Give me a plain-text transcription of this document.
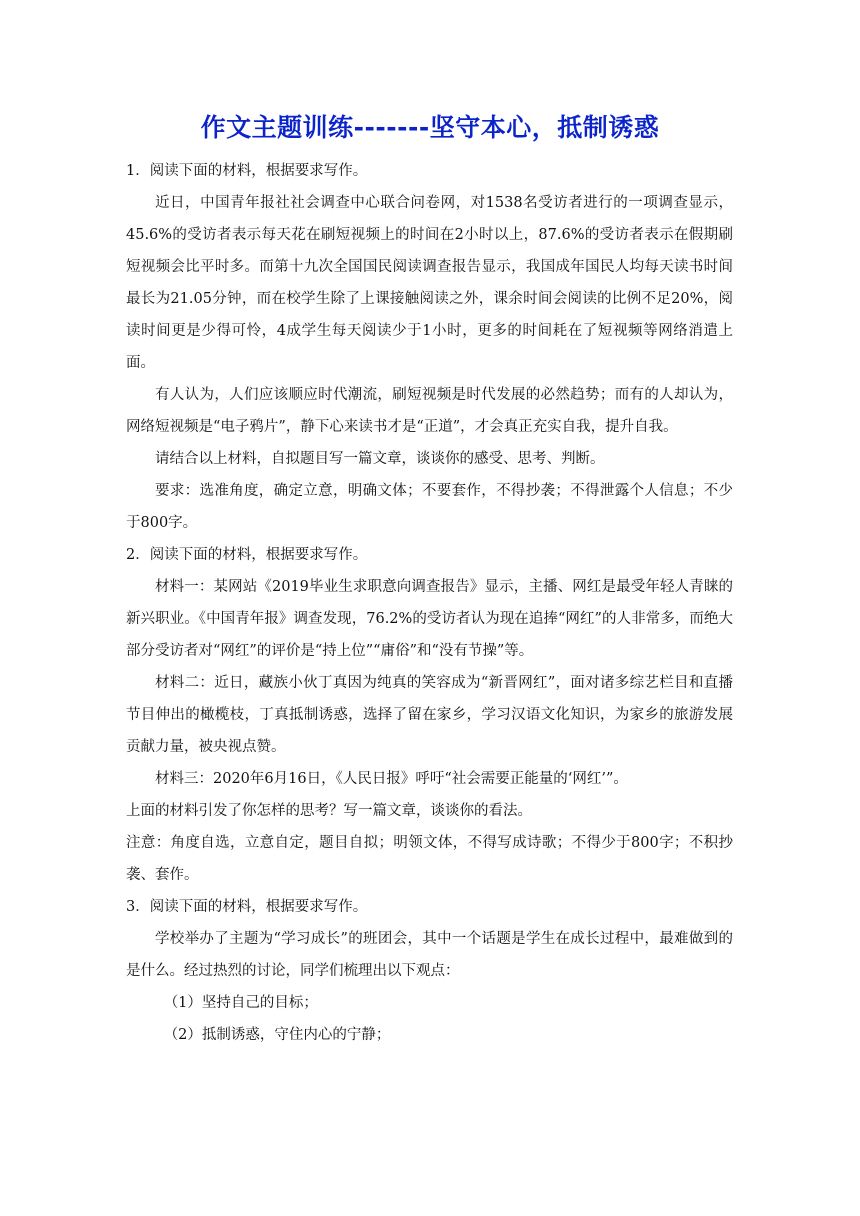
作文主题训练-------坚守本心，抵制诱惑

1．阅读下面的材料，根据要求写作。

近日，中国青年报社社会调查中心联合问卷网，对1538名受访者进行的一项调查显示，45.6%的受访者表示每天花在刷短视频上的时间在2小时以上，87.6%的受访者表示在假期刷短视频会比平时多。而第十九次全国国民阅读调查报告显示，我国成年国民人均每天读书时间最长为21.05分钟，而在校学生除了上课接触阅读之外，课余时间会阅读的比例不足20%，阅读时间更是少得可怜，4成学生每天阅读少于1小时，更多的时间耗在了短视频等网络消遣上面。

有人认为，人们应该顺应时代潮流，刷短视频是时代发展的必然趋势；而有的人却认为，网络短视频是“电子鸦片”，静下心来读书才是“正道”，才会真正充实自我，提升自我。

请结合以上材料，自拟题目写一篇文章，谈谈你的感受、思考、判断。

要求：选准角度，确定立意，明确文体；不要套作，不得抄袭；不得泄露个人信息；不少于800字。

2．阅读下面的材料，根据要求写作。

材料一：某网站《2019毕业生求职意向调查报告》显示，主播、网红是最受年轻人青睐的新兴职业。《中国青年报》调查发现，76.2%的受访者认为现在追捧“网红”的人非常多，而绝大部分受访者对“网红”的评价是“持上位”“庸俗”和“没有节操”等。

材料二：近日，藏族小伙丁真因为纯真的笑容成为“新晋网红”，面对诸多综艺栏目和直播节目伸出的橄榄枝，丁真抵制诱惑，选择了留在家乡，学习汉语文化知识，为家乡的旅游发展贡献力量，被央视点赞。

材料三：2020年6月16日，《人民日报》呼吁“社会需要正能量的‘网红’”。

上面的材料引发了你怎样的思考？写一篇文章，谈谈你的看法。

注意：角度自选，立意自定，题目自拟；明领文体，不得写成诗歌；不得少于800字；不积抄袭、套作。

3．阅读下面的材料，根据要求写作。

学校举办了主题为“学习成长”的班团会，其中一个话题是学生在成长过程中，最难做到的是什么。经过热烈的讨论，同学们梳理出以下观点：

（1）坚持自己的目标；

（2）抵制诱惑，守住内心的宁静；
